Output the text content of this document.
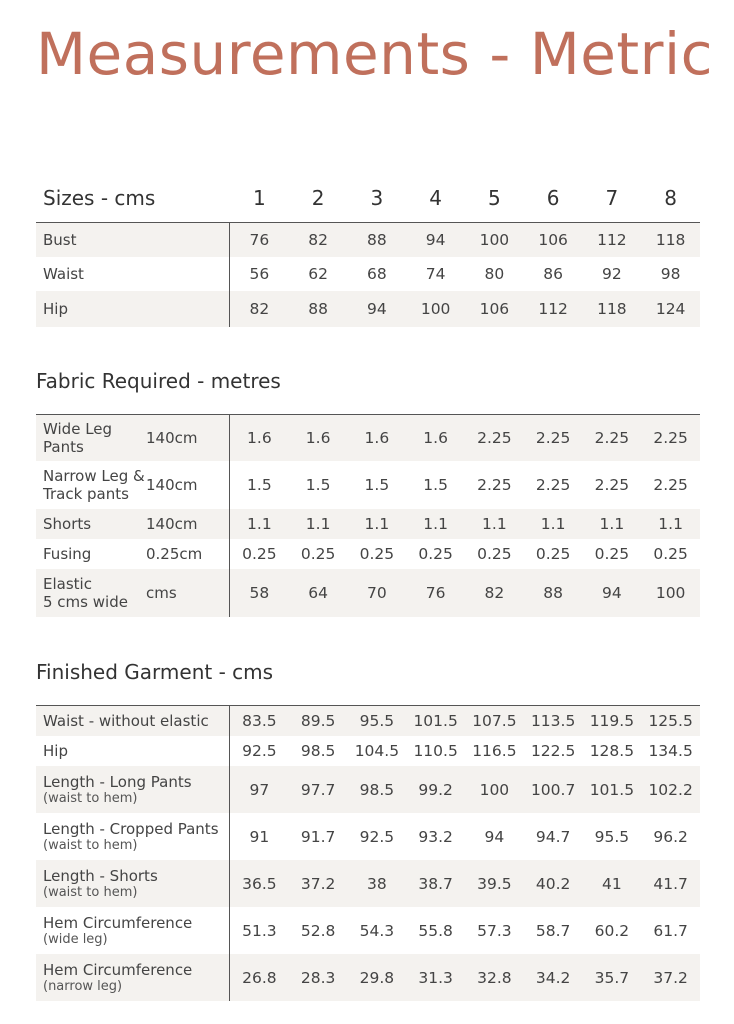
Measurements - Metric
Sizes - cms	1	2	3	4	5	6	7	8
Bust	76	82	88	94	100	106	112	118
Waist	56	62	68	74	80	86	92	98
Hip	82	88	94	100	106	112	118	124
Fabric Required - metres
Wide Leg
Pants	140cm	1.6	1.6	1.6	1.6	2.25	2.25	2.25	2.25
Narrow Leg &
Track pants	140cm	1.5	1.5	1.5	1.5	2.25	2.25	2.25	2.25
Shorts	140cm	1.1	1.1	1.1	1.1	1.1	1.1	1.1	1.1
Fusing	0.25cm	0.25	0.25	0.25	0.25	0.25	0.25	0.25	0.25
Elastic
5 cms wide	cms	58	64	70	76	82	88	94	100
Finished Garment - cms
Waist - without elastic	83.5	89.5	95.5	101.5 107.5 113.5 119.5 125.5
Hip	92.5	98.5	104.5 110.5 116.5 122.5 128.5 134.5
Length - Long Pants
(waist to hem)	97	97.7	98.5	99.2	100	100.7 101.5 102.2
Length - Cropped Pants
(waist to hem)	91	91.7	92.5	93.2	94	94.7	95.5	96.2
Length - Shorts
(waist to hem)	36.5	37.2	38	38.7	39.5	40.2	41	41.7
Hem Circumference
(wide leg)	51.3	52.8	54.3	55.8	57.3	58.7	60.2	61.7
Hem Circumference
(narrow leg)	26.8	28.3	29.8	31.3	32.8	34.2	35.7	37.2
